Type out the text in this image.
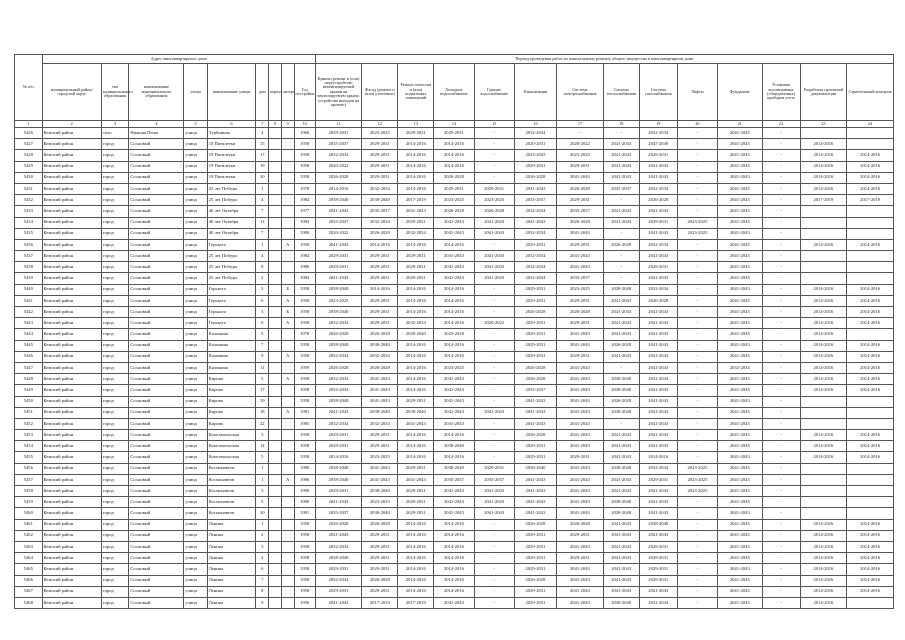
№ п/п	Адрес многоквартирного дома									Период проведения работ по капитальному ремонту общего имущества в многоквартирном доме													
	муниципальный район/городской округ	тип муниципального образования	наименование муниципального образования	улица	наименование улицы	дом	корпус	литера	Год постройки	Крыша (ремонт и (или) переустройство невентилируемой крыши на вентилируемую крышу, устройство выходов на кровлю)	Фасад (ремонт и (или) утепление)	Ремонт отмостки и (или) подвальных помещений	Холодное водоснабжение	Горячее водоснабжение	Канализация	Система электроснабжения	Система теплоснабжения	Система газоснабжения	Лифты	Фундамент	Установка коллективных (общедомовых) приборов учета	Разработка проектной документации	Строительный контроль
1	2	3	4	5	6	7	8	9	10	11	12	13	14	15	16	17	18	19	20	21	22	23	24
5426	Кемский район	село	Нижняя Пеша	улица	Турбинная	4			1966	2029-2031	2023-2025	2029-2031	2029-2031	-	2032-2034	-	-	2032-2034	-	2041-2043	-		
5427	Кемский район	город	Сосновый	улица	10 Пятилетки	15			1958	2035-2037	2029-2031	2014-2016	2014-2016	-	2020-2031	2020-2022	2041-2043	2047-2049	-	2041-2043	-	2014-2016	
5428	Кемский район	город	Сосновый	улица	19 Пятилетки	17			1958	2032-2034	2029-2031	2014-2016	2014-2016	-	2023-2025	2023-2025	2041-2043	2029-2031	-	2041-2043	-	2014-2016	2014-2016
5429	Кемский район	город	Сосновый	улица	19 Пятилетки	19			1958	2020-2022	2029-2031	2014-2016	2014-2016	-	2029-2031	2029-2031	2041-2043	2041-2043	-	2041-2043	-	2014-2016	2014-2016
5430	Кемский район	город	Сосновый	улица	19 Пятилетки	10			1958	2026-2028	2029-2031	2014-2016	2026-2028	-	2026-2028	2041-2043	2041-2043	2041-2043	-	2041-2043	-	2014-2016	2014-2016
5431	Кемский район	город	Сосновый	улица	25 лет Победы	1			1978	2014-2016	2032-2034	2014-2016	2029-2031	2029-2031	2041-2043	2026-2028	2035-2037	2032-2034	-	2041-2043	-	2014-2016	2014-2016
5432	Кемский район	город	Сосновый	улица	25 лет Победы	4			1984	2038-2040	2038-2040	2017-2019	2023-2025	2023-2025	2035-2037	2029-2031	-	2026-2028	-	2041-2043	-	2017-2019	2017-2019
5433	Кемский район	город	Сосновый	улица	40 лет Октября	7			1977	2041-2043	2035-2037	2041-2043	2026-2028	2026-2028	2032-2034	2035-2037	2041-2043	2041-2043	-	2041-2043	-		
5434	Кемский район	город	Сосновый	улица	40 лет Октября	11			1984	2035-2037	2032-2034	2029-2031	2041-2043	2041-2043	2041-2043	2026-2028	2041-2043	2029-2031	2023-2025	2041-2043	-		
5435	Кемский район	город	Сосновый	улица	40 лет Октября	7			1980	2020-2022	2026-2028	2032-2034	2041-2043	2041-2043	2032-2034	2041-2043	-	2041-2043	2023-2025	2041-2043	-		
5436	Кемский район	город	Сосновый	улица	Горького	1		А	1958	2041-2043	2014-2016	2014-2016	2014-2016	-	2029-2031	2029-2031	2026-2028	2032-2034	-	2041-2043	-	2014-2016	2014-2016
5437	Кемский район	город	Сосновый	улица	25 лет Победы	4			1984	2029-2031	2029-2031	2029-2031	2041-2043	2041-2043	2032-2034	2041-2043	-	2041-2043	-	2041-2043	-		
5438	Кемский район	город	Сосновый	улица	25 лет Победы	8			1986	2029-2031	2029-2031	2029-2031	2041-2043	2041-2043	2032-2034	2041-2043	-	2029-2031	-	2041-2043	-		
5439	Кемский район	город	Сосновый	улица	25 лет Победы	2			1984	2041-2043	2029-2031	2029-2031	2041-2043	2041-2043	2032-2034	2035-2037	-	2041-2043	-	2041-2043	-		
5440	Кемский район	город	Сосновый	улица	Горького	3		Б	1958	2038-2040	2014-2016	2014-2016	2014-2016	-	2029-2031	2023-2025	2038-2040	2032-2034	-	2041-2043	-	2014-2016	2014-2016
5441	Кемский район	город	Сосновый	улица	Горького	6		А	1958	2023-2025	2029-2031	2014-2016	2014-2016	-	2029-2031	2029-2031	2041-2043	2026-2028	-	2041-2043	-	2014-2016	2014-2016
5442	Кемский район	город	Сосновый	улица	Горького	3		Б	1958	2038-2040	2029-2031	2014-2016	2014-2016	-	2026-2028	2026-2028	2041-2043	2041-2043	-	2041-2043	-	2014-2016	2014-2016
5443	Кемский район	город	Сосновый	улица	Горького	6		А	1958	2032-2034	2029-2031	2032-2034	2014-2016	2020-2022	2029-2031	2029-2031	2041-2043	2041-2043	-	2041-2043	-	2014-2016	2014-2016
5444	Кемский район	город	Сосновый	улица	Калинина	5			1978	2026-2028	2026-2028	2020-2040	2025-2028	-	2029-2031	2041-2043	2041-2043	2041-2043	-	2041-2043	-	2014-2016	
5445	Кемский район	город	Сосновый	улица	Калинина	7			1958	2038-2040	2038-2040	2014-2016	2014-2016	-	2029-2031	2041-2043	2026-2028	2041-2043	-	2041-2043	-	2014-2016	2014-2016
5446	Кемский район	город	Сосновый	улица	Калинина	9		А	1958	2032-2034	2032-2034	2014-2016	2014-2016	-	2029-2031	2029-2031	2041-2043	2041-2043	-	2041-2043	-	2014-2016	2014-2016
5447	Кемский район	город	Сосновый	улица	Калинина	11			1959	2026-2028	2026-2028	2014-2016	2023-2025	-	2026-2028	2041-2043	-	2041-2043	-	2032-2034	-	2014-2016	2014-2016
5448	Кемский район	город	Сосновый	улица	Кирова	5		А	1958	2032-2034	2041-2043	2014-2016	2041-2043	-	2026-2028	2041-2043	2038-2040	2032-2034	-	2041-2043	-	2014-2016	2014-2016
5449	Кемский район	город	Сосновый	улица	Кирова	17			1958	2032-2034	2041-2043	2014-2016	2041-2043	-	2035-2037	2041-2043	2038-2040	2041-2043	-	2041-2043	-	2014-2016	2014-2016
5450	Кемский район	город	Сосновый	улица	Кирова	19			1958	2038-2040	2041-2043	2029-2031	2041-2043	-	2041-2043	2041-2043	2026-2028	2041-2043	-	2041-2043	-		
5451	Кемский район	город	Сосновый	улица	Кирова	18		А	1981	2041-2043	2038-2040	2038-2040	2041-2043	2041-2043	2041-2043	2041-2043	2038-2040	2041-2043	-	2041-2043	-		
5452	Кемский район	город	Сосновый	улица	Кирова	22			1985	2032-2034	2032-2034	2041-2043	2041-2043	-	2041-2043	2041-2043	-	2041-2043	-	2041-2043	-		
5453	Кемский район	город	Сосновый	улица	Комсомольская	3			1958	2029-2031	2029-2031	2014-2016	2014-2016	-	2026-2028	2041-2043	2041-2043	2041-2043	-	2041-2043	-	2014-2016	2014-2016
5454	Кемский район	город	Сосновый	улица	Комсомольская	14			1958	2029-2031	2029-2031	2014-2016	2038-2040	-	2029-2031	2041-2043	2041-2043	2041-2043	-	2041-2043	-	2014-2016	2014-2016
5455	Кемский район	город	Сосновый	улица	Комсомольская	5			1958	2014-2016	2023-2025	2014-2016	2014-2016	-	2029-2031	2029-2031	2041-2043	2014-2016	-	2041-2043	-	2014-2016	2014-2016
5456	Кемский район	город	Сосновый	улица	Космонавтов	1			1980	2038-2040	2041-2043	2029-2031	2038-2040	2029-2031	2038-2040	2041-2043	2038-2040	2032-2034	2023-2025	2041-2043	-		
5457	Кемский район	город	Сосновый	улица	Космонавтов	1		А	1986	2038-2040	2041-2043	2041-2043	2035-2037	2035-2037	2041-2043	2041-2043	2041-2043	2029-2031	2023-2025	2041-2043	-		
5458	Кемский район	город	Сосновый	улица	Космонавтов	3			1990	2029-2031	2038-2040	2029-2031	2041-2043	2041-2043	2041-2043	2041-2043	2041-2043	2041-2043	2023-2025	2041-2043	-		
5459	Кемский район	город	Сосновый	улица	Космонавтов	5			1980	2041-2043	2023-2025	2029-2031	2041-2043	2041-2043	2041-2043	2041-2043	2038-2040	2041-2043	-	2041-2043	-		
5460	Кемский район	город	Сосновый	улица	Космонавтов	10			1981	2035-2037	2038-2040	2029-2031	2041-2043	2041-2043	2041-2043	2041-2043	2038-2040	2041-2043	-	2041-2043	-		
5461	Кемский район	город	Сосновый	улица	Ленина	1			1958	2026-2028	2026-2028	2014-2016	2014-2016	-	2026-2028	2026-2028	2041-2043	2038-2040	-	2041-2043	-	2014-2016	2014-2016
5462	Кемский район	город	Сосновый	улица	Ленина	2			1958	2041-2043	2029-2031	2014-2016	2014-2016	-	2029-2031	2029-2031	2041-2043	2041-2043	-	2041-2043	-	2014-2016	2014-2016
5463	Кемский район	город	Сосновый	улица	Ленина	3			1958	2032-2034	2029-2031	2014-2016	2014-2016	-	2029-2031	2041-2043	2041-2043	2029-2031	-	2041-2043	-	2014-2016	2014-2016
5464	Кемский район	город	Сосновый	улица	Ленина	4			1958	2038-2040	2029-2031	2014-2016	2014-2016	-	2029-2031	2029-2031	2041-2043	2029-2031	-	2041-2043	-	2014-2016	2014-2016
5465	Кемский район	город	Сосновый	улица	Ленина	6			1958	2029-2031	2029-2031	2014-2016	2014-2016	-	2029-2031	2041-2043	2041-2043	2029-2031	-	2041-2043	-	2014-2016	2014-2016
5466	Кемский район	город	Сосновый	улица	Ленина	7			1958	2032-2034	2026-2028	2014-2016	2014-2016	-	2026-2028	2041-2043	2041-2043	2029-2031	-	2041-2043	-	2014-2016	2014-2016
5467	Кемский район	город	Сосновый	улица	Ленина	8			1958	2029-2031	2029-2031	2014-2016	2014-2016	-	2029-2031	2041-2043	2041-2043	2041-2043	-	2041-2043	-	2014-2016	2014-2016
5468	Кемский район	город	Сосновый	улица	Ленина	9			1956	2041-2043	2017-2019	2017-2019	2041-2043	-	2029-2031	2041-2043	2038-2040	2032-2034	-	2041-2043	-	2014-2016	
